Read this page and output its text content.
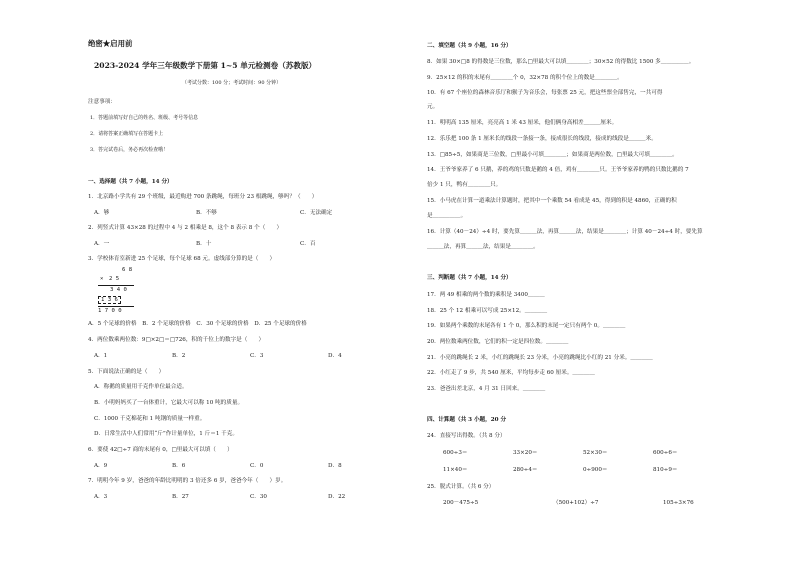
绝密★启用前
2023-2024 学年三年级数学下册第 1~5 单元检测卷（苏教版）
（考试分数：100 分；考试时间：90 分钟）
注意事项：
1．答题前填写好自己的姓名、班级、考号等信息
2．请将答案正确填写在答题卡上
3．答完试卷后，务必再次检查哦！
一、选择题（共 7 小题，14 分）
1．北京路小学共有 29 个班级，最近购进 700 条跳绳，每班分 23 根跳绳，够吗？（　　）
A．够	B．不够	C．无法确定
2．列竖式计算 43×28 的过程中 4 与 2 相乘是 8，这个 8 表示 8 个（　　）
A．一	B．十	C．百
3．学校体育室新进 25 个足球，每个足球 68 元。虚线部分算的是（　　）
6 8
×　2 5
3 4 0
1 3 6
1 7 0 0
A．5 个足球的价格　B．2 个足球的价格　C．30 个足球的价格　D．25 个足球的价格
4．两位数乘两位数：9□×2□＝□726，积的千位上的数字是（　　）
A．1	B．2	C．3	D．4
5．下面说法正确的是（　　）
A．称鹅的质量用千克作单位最合适。
B．小明妈妈买了一台体重计，它最大可以称 10 吨的质量。
C．1000 千克棉花和 1 吨钢的质量一样重。
D．日常生活中人们常用“斤”作计量单位，1 斤＝1 千克。
6．要使 42□÷7 商的末尾有 0，□里最大可以填（　　）
A．9	B．6	C．0	D．8
7．明明今年 9 岁，爸爸的年龄比明明的 3 倍还多 6 岁，爸爸今年（　　）岁。
A．3	B．27	C．30	D．22
二、填空题（共 9 小题，16 分）
8．如果 30×□8 的得数是三位数，那么□里最大可以填＿＿＿＿；30×52 的得数比 1500 多＿＿＿＿＿。
9．25×12 的积的末尾有＿＿＿＿个 0，32×78 的积个位上的数是＿＿＿＿。
10．有 67 个座位的森林音乐厅和猴子为音乐会，每张票 25 元，把这些票全部售完，一共可得
元。
11．明明高 135 厘米，亮亮高 1 米 43 厘米，他们俩身高相差＿＿＿厘米。
12．乐乐把 100 条 1 厘米长的线段一条接一条，接成很长的线段，接成的线段是＿＿＿米。
13．□85÷5，如果商是三位数，□里最小可填＿＿＿＿；如果商是两位数，□里最大可填＿＿＿＿。
14．王爷爷家养了 6 只鹅，养的鸡的只数是鹅的 4 倍，鸡有＿＿＿＿只。王爷爷家养的鸭的只数比鹅的 7
倍少 1 只，鸭有＿＿＿＿只。
15．小马虎在计算一道乘法计算题时，把其中一个乘数 54 看成是 45，得到的积是 4860，正确的积
是＿＿＿＿＿。
16．计算（40－24）÷4 时，要先算＿＿＿法，再算＿＿＿法，结果是＿＿＿＿；计算 40－24÷4 时，要先算
＿＿＿法，再算＿＿＿法，结果是＿＿＿＿。
三、判断题（共 7 小题，14 分）
17．两 49 相乘的两个数的乘积是 3400＿＿＿
18．25 个 12 相乘可以写成 25×12。＿＿＿＿
19．如果两个乘数的末尾各有 1 个 0，那么积的末尾一定只有两个 0。＿＿＿＿
20．两位数乘两位数，它们的积一定是四位数。＿＿＿＿
21．小亮的跳绳长 2 米，小红的跳绳长 23 分米，小亮的跳绳比小红的 21 分米。＿＿＿＿
22．小红走了 9 步，共 540 厘米，平均每步走 60 厘米。＿＿＿＿
23．爸爸出差北京，4 月 31 日回来。＿＿＿＿
四、计算题（共 3 小题，20 分
24．直接写出得数。（共 8 分）
600÷3＝	33×20＝	52×30＝	600÷6＝
11×40＝	280÷4＝	0÷900＝	810÷9＝
25．脱式计算。（共 6 分）
200－475÷5	（500+102）÷7	105÷3×76
